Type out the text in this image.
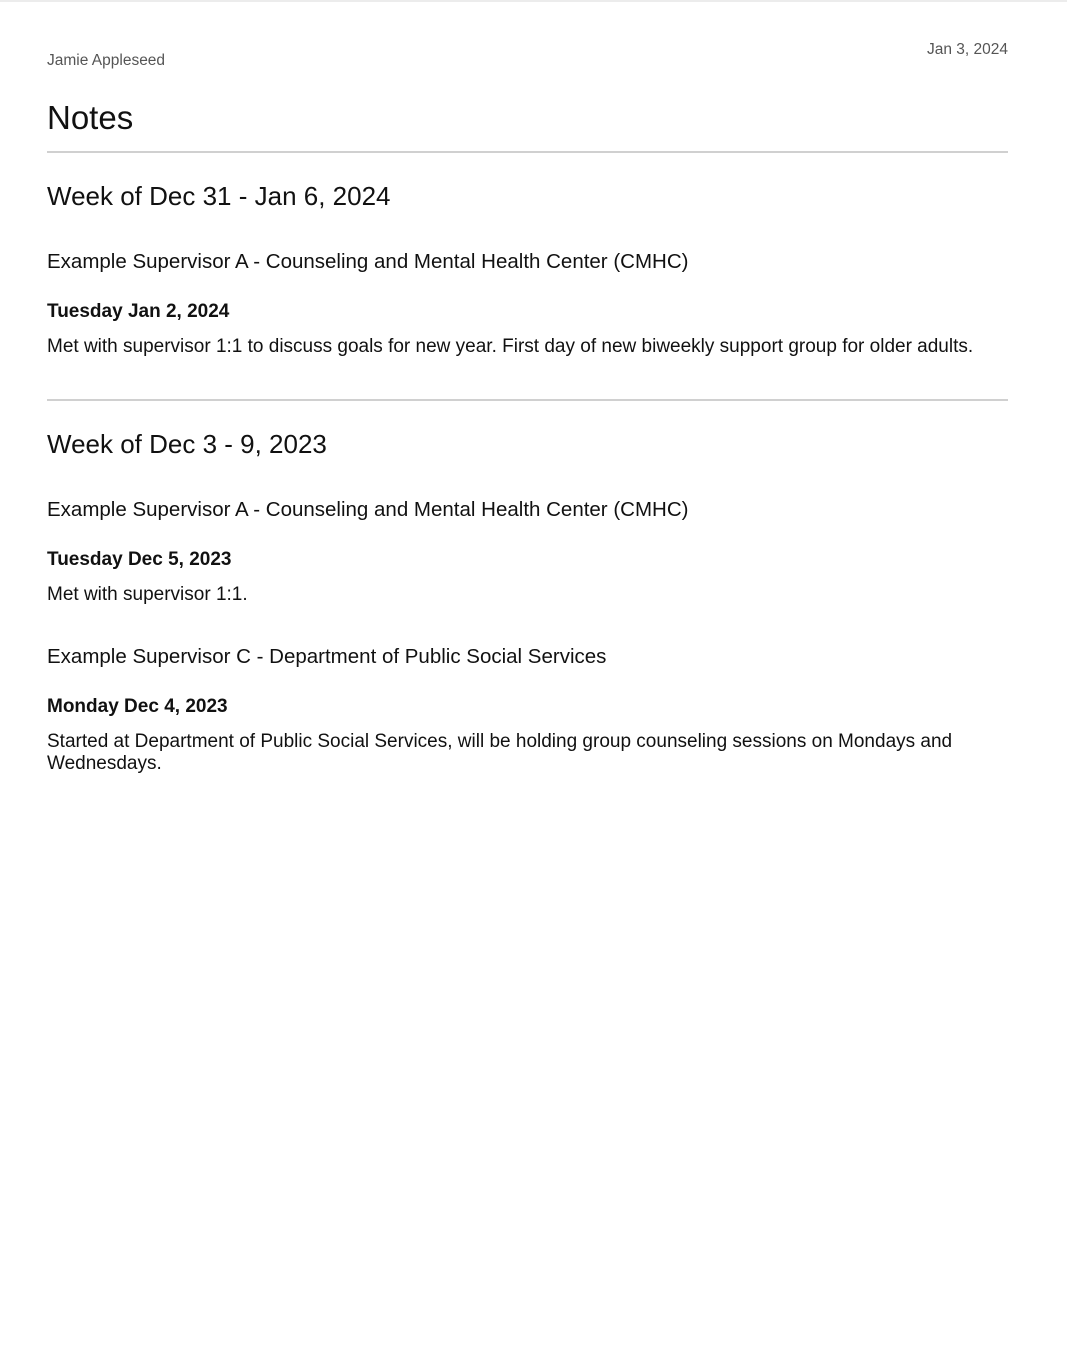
Jamie Appleseed
Jan 3, 2024
Notes
Week of Dec 31 - Jan 6, 2024
Example Supervisor A - Counseling and Mental Health Center (CMHC)
Tuesday Jan 2, 2024
Met with supervisor 1:1 to discuss goals for new year. First day of new biweekly support group for older adults.
Week of Dec 3 - 9, 2023
Example Supervisor A - Counseling and Mental Health Center (CMHC)
Tuesday Dec 5, 2023
Met with supervisor 1:1.
Example Supervisor C - Department of Public Social Services
Monday Dec 4, 2023
Started at Department of Public Social Services, will be holding group counseling sessions on Mondays and Wednesdays.
